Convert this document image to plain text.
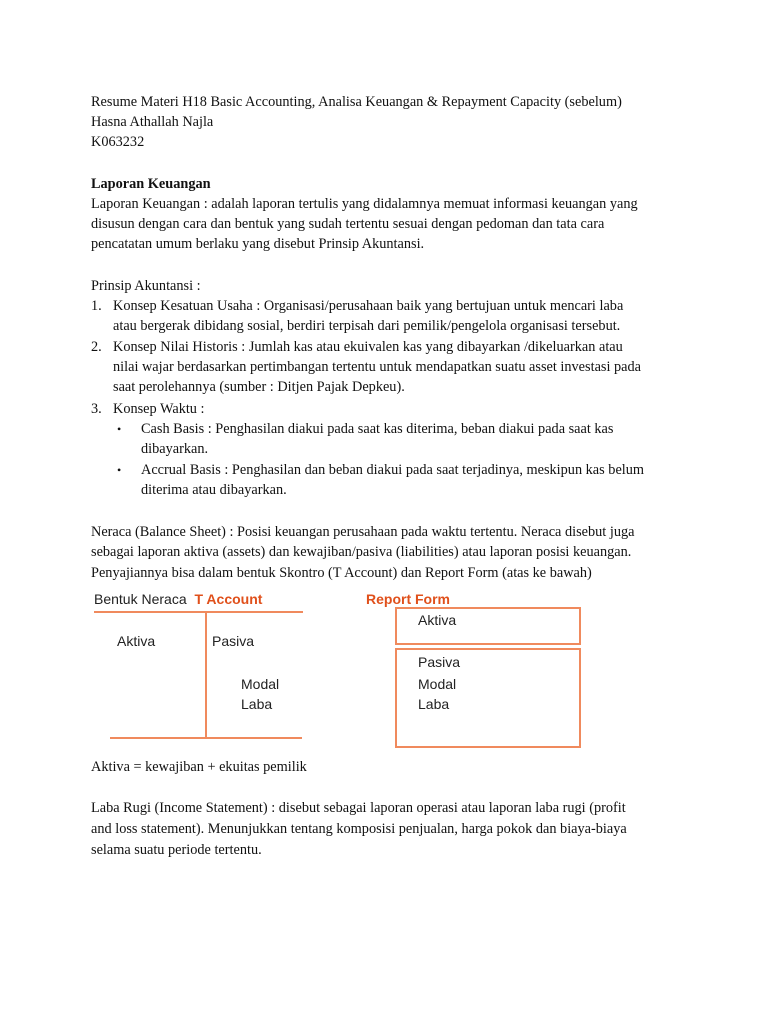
Resume Materi H18 Basic Accounting, Analisa Keuangan & Repayment Capacity (sebelum)
Hasna Athallah Najla
K063232
Laporan Keuangan
Laporan Keuangan : adalah laporan tertulis yang didalamnya memuat informasi keuangan yang
disusun dengan cara dan bentuk yang sudah tertentu sesuai dengan pedoman dan tata cara
pencatatan umum berlaku yang disebut Prinsip Akuntansi.
Prinsip Akuntansi :
1. Konsep Kesatuan Usaha : Organisasi/perusahaan baik yang bertujuan untuk mencari laba
atau bergerak dibidang sosial, berdiri terpisah dari pemilik/pengelola organisasi tersebut.
2. Konsep Nilai Historis : Jumlah kas atau ekuivalen kas yang dibayarkan /dikeluarkan atau
nilai wajar berdasarkan pertimbangan tertentu untuk mendapatkan suatu asset investasi pada
saat perolehannya (sumber : Ditjen Pajak Depkeu).
3. Konsep Waktu :
• Cash Basis : Penghasilan diakui pada saat kas diterima, beban diakui pada saat kas
dibayarkan.
• Accrual Basis : Penghasilan dan beban diakui pada saat terjadinya, meskipun kas belum
diterima atau dibayarkan.
Neraca (Balance Sheet) : Posisi keuangan perusahaan pada waktu tertentu. Neraca disebut juga
sebagai laporan aktiva (assets) dan kewajiban/pasiva (liabilities) atau laporan posisi keuangan.
Penyajiannya bisa dalam bentuk Skontro (T Account) dan Report Form (atas ke bawah)
Bentuk Neraca T Account
Aktiva	Pasiva
Modal
Laba
Report Form
Aktiva
Pasiva
Modal
Laba
Aktiva = kewajiban + ekuitas pemilik
Laba Rugi (Income Statement) : disebut sebagai laporan operasi atau laporan laba rugi (profit
and loss statement). Menunjukkan tentang komposisi penjualan, harga pokok dan biaya-biaya
selama suatu periode tertentu.
